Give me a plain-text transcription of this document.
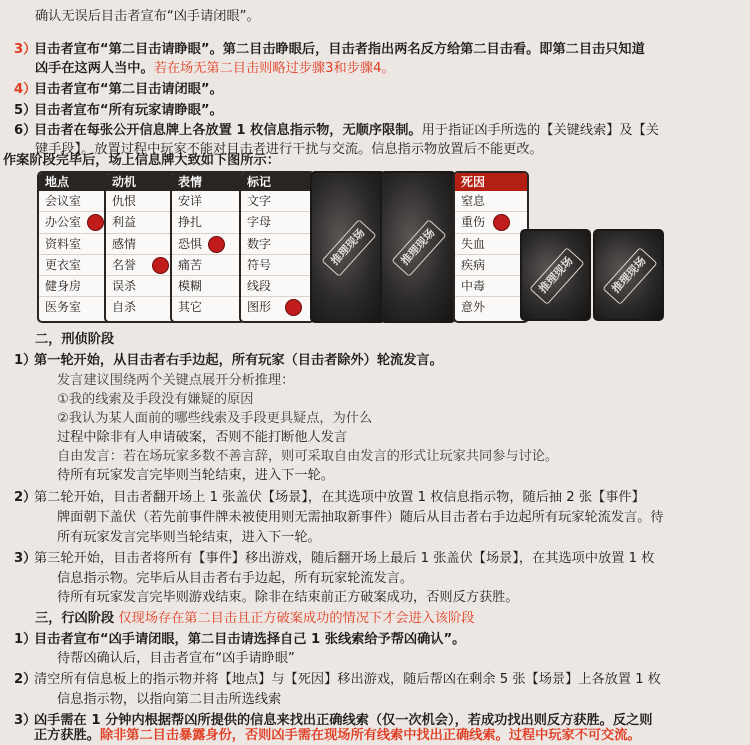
确认无误后目击者宣布“凶手请闭眼”。
3）
目击者宣布“第二目击请睁眼”。第二目击睁眼后，目击者指出两名反方给第二目击看。即第二目击只知道
凶手在这两人当中。若在场无第二目击则略过步骤3和步骤4。
4）
目击者宣布“第二目击请闭眼”。
5）
目击者宣布“所有玩家请睁眼”。
6）
目击者在每张公开信息牌上各放置 1 枚信息指示物，无顺序限制。用于指证凶手所选的【关键线索】及【关
键手段】。放置过程中玩家不能对目击者进行干扰与交流。信息指示物放置后不能更改。
作案阶段完毕后，场上信息牌大致如下图所示：
地点
会议室
办公室
资料室
更衣室
健身房
医务室
动机
仇恨
利益
感情
名誉
误杀
自杀
表情
安详
挣扎
恐惧
痛苦
模糊
其它
标记
文字
字母
数字
符号
线段
图形
推理现场	推理现场
死因
窒息
重伤
失血
疾病
中毒
意外
推理现场	推理现场
二，刑侦阶段
1）
第一轮开始，从目击者右手边起，所有玩家（目击者除外）轮流发言。
发言建议围绕两个关键点展开分析推理：
①我的线索及手段没有嫌疑的原因
②我认为某人面前的哪些线索及手段更具疑点，为什么
过程中除非有人申请破案，否则不能打断他人发言
自由发言：若在场玩家多数不善言辞，则可采取自由发言的形式让玩家共同参与讨论。
待所有玩家发言完毕则当轮结束，进入下一轮。
2）
第二轮开始，目击者翻开场上 1 张盖伏【场景】，在其选项中放置 1 枚信息指示物，随后抽 2 张【事件】
牌面朝下盖伏（若先前事件牌未被使用则无需抽取新事件）随后从目击者右手边起所有玩家轮流发言。待
所有玩家发言完毕则当轮结束，进入下一轮。
3）
第三轮开始，目击者将所有【事件】移出游戏，随后翻开场上最后 1 张盖伏【场景】，在其选项中放置 1 枚
信息指示物。完毕后从目击者右手边起，所有玩家轮流发言。
待所有玩家发言完毕则游戏结束。除非在结束前正方破案成功，否则反方获胜。
三，行凶阶段 仅现场存在第二目击且正方破案成功的情况下才会进入该阶段
1）
目击者宣布“凶手请闭眼，第二目击请选择自己 1 张线索给予帮凶确认”。
待帮凶确认后，目击者宣布“凶手请睁眼”
2）
清空所有信息板上的指示物并将【地点】与【死因】移出游戏，随后帮凶在剩余 5 张【场景】上各放置 1 枚
信息指示物，以指向第二目击所选线索
3）
凶手需在 1 分钟内根据帮凶所提供的信息来找出正确线索（仅一次机会），若成功找出则反方获胜。反之则
正方获胜。除非第二目击暴露身份，否则凶手需在现场所有线索中找出正确线索。过程中玩家不可交流。
